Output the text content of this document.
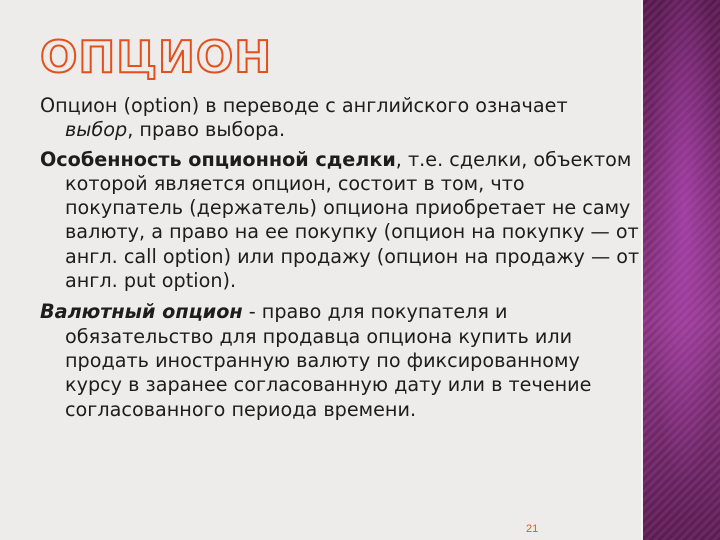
ОПЦИОН

Опцион (option) в переводе с английского означает выбор, право выбора.

Особенность опционной сделки, т.е. сделки, объектом которой является опцион, состоит в том, что покупатель (держатель) опциона приобретает не саму валюту, а право на ее покупку (опцион на покупку — от англ. call option) или продажу (опцион на продажу — от англ. put option).

Валютный опцион - право для покупателя и обязательство для продавца опциона купить или продать иностранную валюту по фиксированному курсу в заранее согласованную дату или в течение согласованного периода времени.

21
